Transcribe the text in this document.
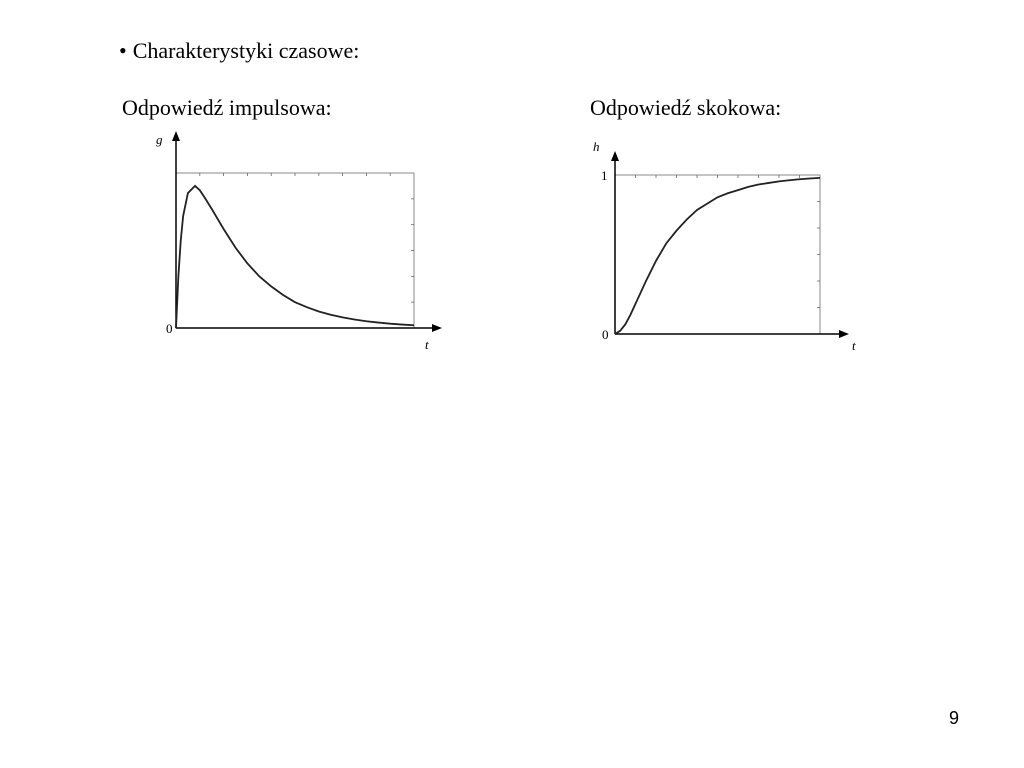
• Charakterystyki czasowe:
Odpowiedź impulsowa:	Odpowiedź skokowa:
g
0
t
h
1
0
t
9
